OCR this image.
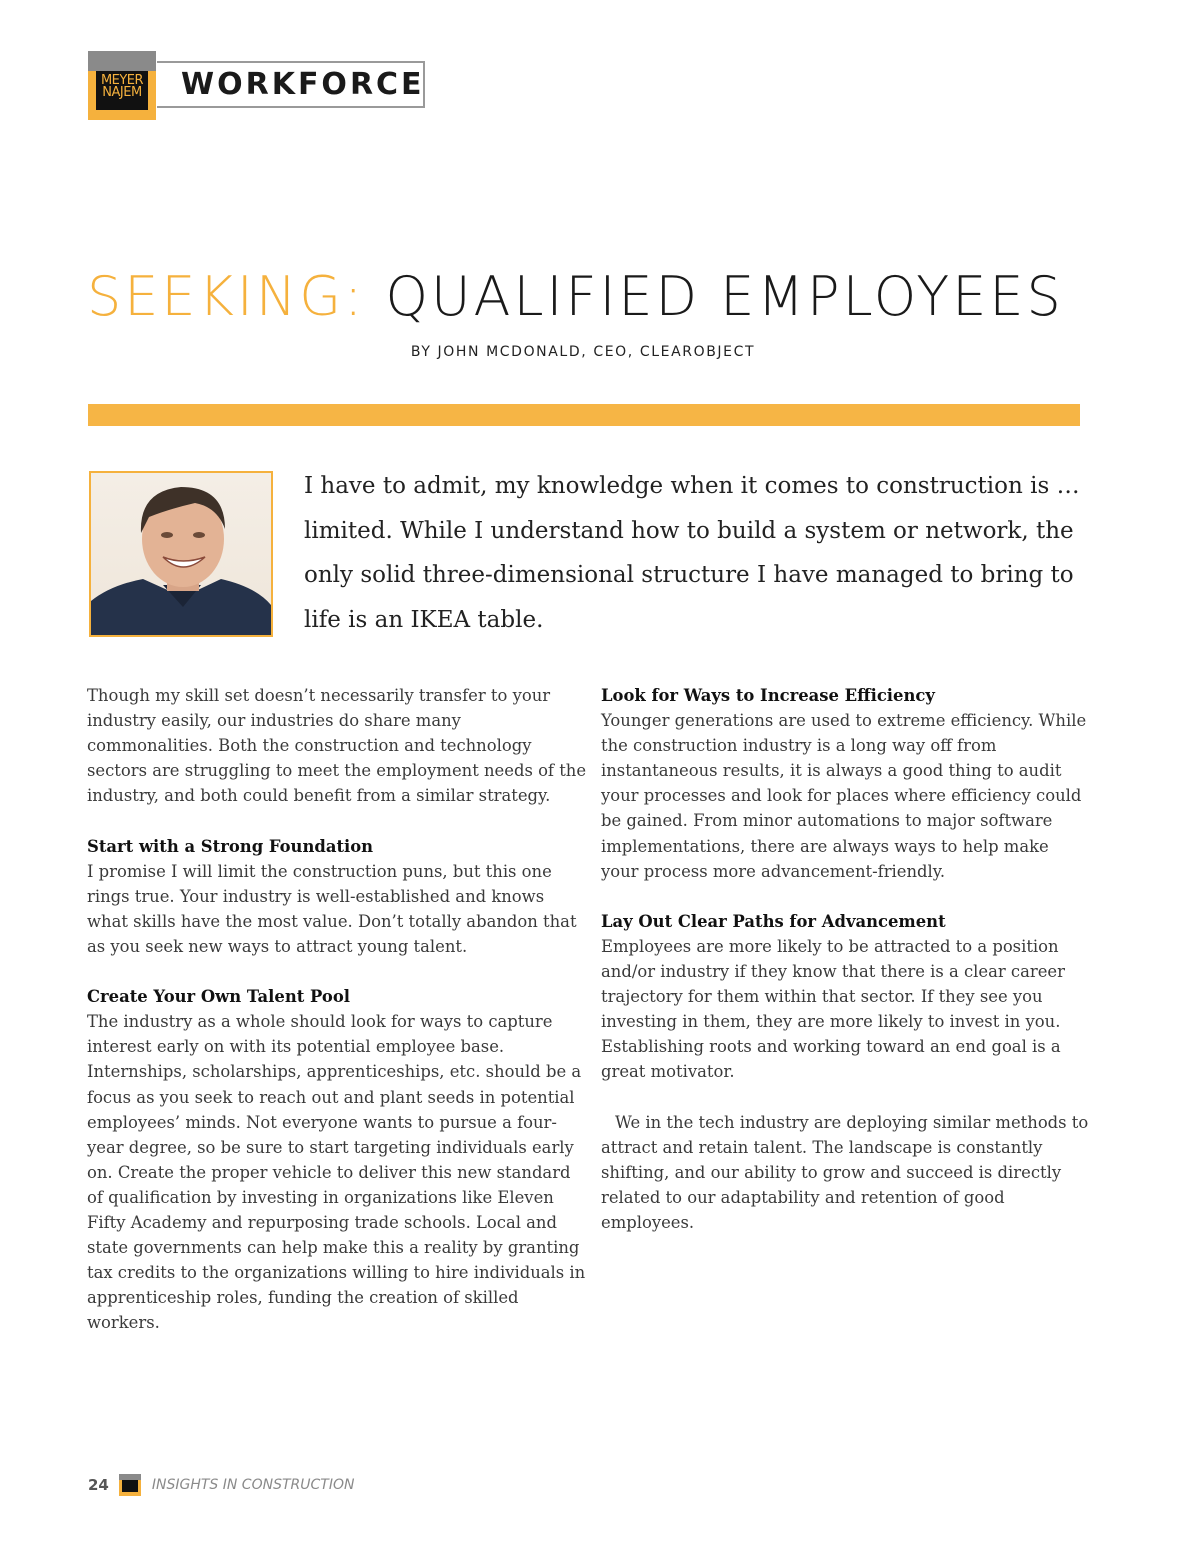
MEYER
NAJEM WORKFORCE
SEEKING: QUALIFIED EMPLOYEES
BY JOHN MCDONALD, CEO, CLEAROBJECT

I have to admit, my knowledge when it comes to construction is … limited. While I understand how to build a system or network, the only solid three-dimensional structure I have managed to bring to life is an IKEA table.

Though my skill set doesn’t necessarily transfer to your industry easily, our industries do share many commonalities. Both the construction and technology sectors are struggling to meet the employment needs of the industry, and both could benefit from a similar strategy.

Start with a Strong Foundation

I promise I will limit the construction puns, but this one rings true. Your industry is well-established and knows what skills have the most value. Don’t totally abandon that as you seek new ways to attract young talent.

Create Your Own Talent Pool

The industry as a whole should look for ways to capture interest early on with its potential employee base. Internships, scholarships, apprenticeships, etc. should be a focus as you seek to reach out and plant seeds in potential employees’ minds. Not everyone wants to pursue a four-year degree, so be sure to start targeting individuals early on. Create the proper vehicle to deliver this new standard of qualification by investing in organizations like Eleven Fifty Academy and repurposing trade schools. Local and state governments can help make this a reality by granting tax credits to the organizations willing to hire individuals in apprenticeship roles, funding the creation of skilled workers.

Look for Ways to Increase Efficiency

Younger generations are used to extreme efficiency. While the construction industry is a long way off from instantaneous results, it is always a good thing to audit your processes and look for places where efficiency could be gained. From minor automations to major software implementations, there are always ways to help make your process more advancement-friendly.

Lay Out Clear Paths for Advancement

Employees are more likely to be attracted to a position and/or industry if they know that there is a clear career trajectory for them within that sector. If they see you investing in them, they are more likely to invest in you. Establishing roots and working toward an end goal is a great motivator.

We in the tech industry are deploying similar methods to attract and retain talent. The landscape is constantly shifting, and our ability to grow and succeed is directly related to our adaptability and retention of good employees.

24	INSIGHTS IN CONSTRUCTION
